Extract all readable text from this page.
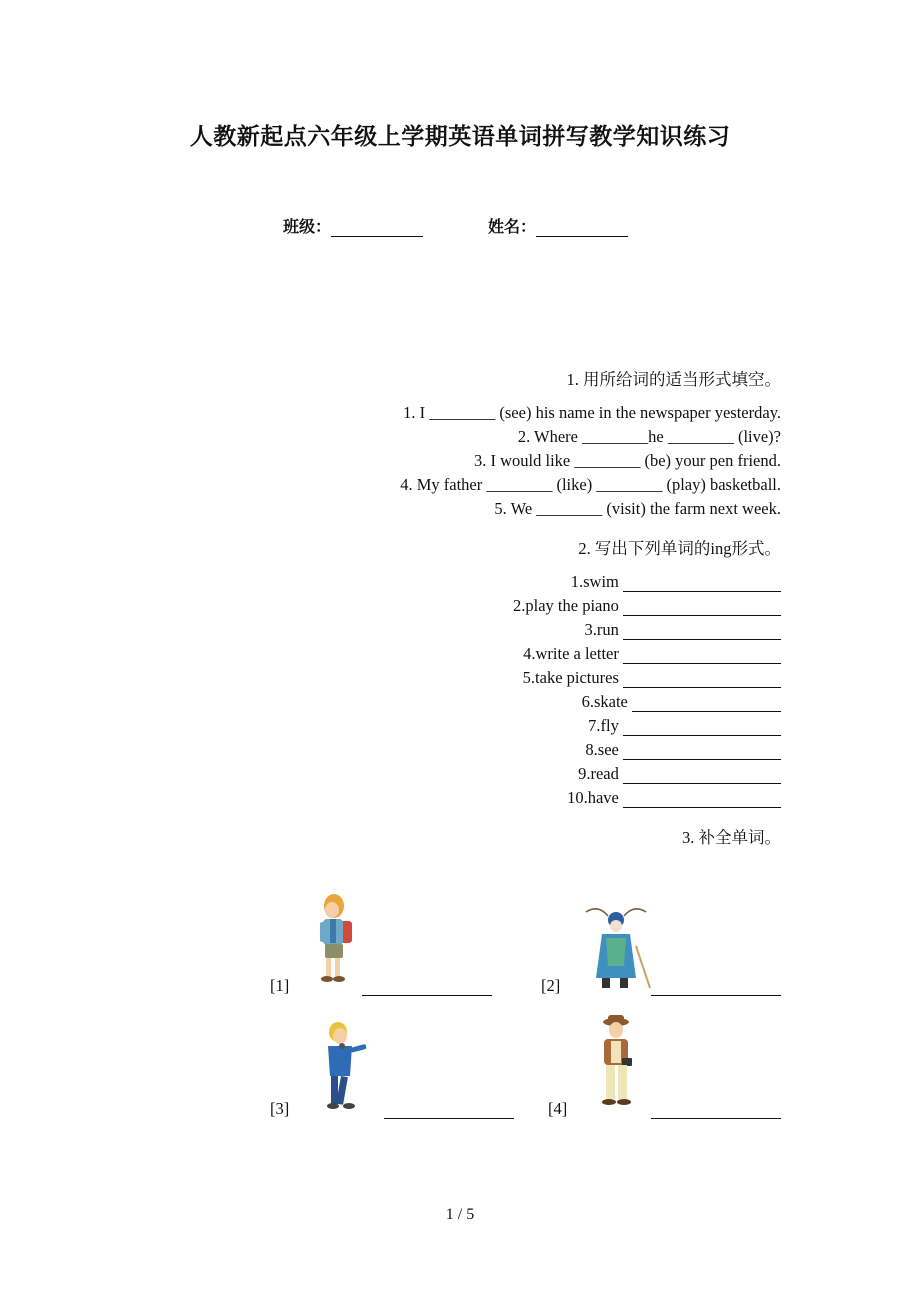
人教新起点六年级上学期英语单词拼写教学知识练习
班级：	姓名：
1. 用所给词的适当形式填空。
1. I ________ (see) his name in the newspaper yesterday.
2. Where ________he ________ (live)?
3. I would like ________ (be) your pen friend.
4. My father ________ (like) ________ (play) basketball.
5. We ________ (visit) the farm next week.
2. 写出下列单词的ing形式。
1.swim
2.play the piano
3.run
4.write a letter
5.take pictures
6.skate
7.fly
8.see
9.read
10.have
3. 补全单词。
[1]	[2]
[3]	[4]
1 / 5
